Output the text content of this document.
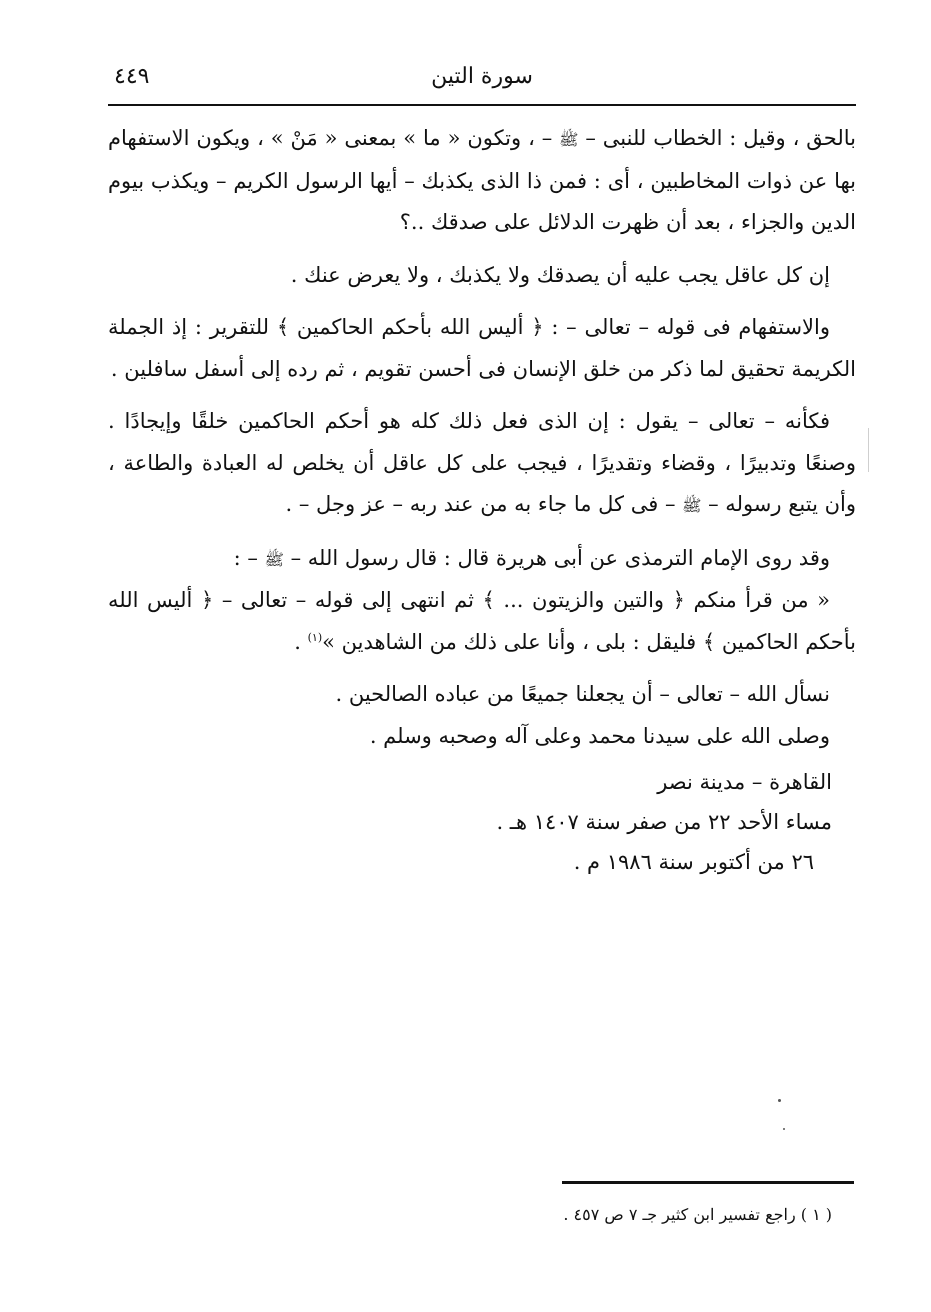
٤٤٩	سورة التين

بالحق ، وقيل : الخطاب للنبى – ﷺ – ، وتكون « ما » بمعنى « مَنْ » ، ويكون الاستفهام بها عن ذوات المخاطبين ، أى : فمن ذا الذى يكذبك – أيها الرسول الكريم – ويكذب بيوم الدين والجزاء ، بعد أن ظهرت الدلائل على صدقك ..؟

إن كل عاقل يجب عليه أن يصدقك ولا يكذبك ، ولا يعرض عنك .

والاستفهام فى قوله – تعالى – : ﴿ أليس الله بأحكم الحاكمين ﴾ للتقرير : إذ الجملة الكريمة تحقيق لما ذكر من خلق الإنسان فى أحسن تقويم ، ثم رده إلى أسفل سافلين .

فكأنه – تعالى – يقول : إن الذى فعل ذلك كله هو أحكم الحاكمين خلقًا وإيجادًا . وصنعًا وتدبيرًا ، وقضاء وتقديرًا ، فيجب على كل عاقل أن يخلص له العبادة والطاعة ، وأن يتبع رسوله – ﷺ – فى كل ما جاء به من عند ربه – عز وجل – .

وقد روى الإمام الترمذى عن أبى هريرة قال : قال رسول الله – ﷺ – :

« من قرأ منكم ﴿ والتين والزيتون ... ﴾ ثم انتهى إلى قوله – تعالى – ﴿ أليس الله بأحكم الحاكمين ﴾ فليقل : بلى ، وأنا على ذلك من الشاهدين »$^{(١)}$ .

نسأل الله – تعالى – أن يجعلنا جميعًا من عباده الصالحين .

وصلى الله على سيدنا محمد وعلى آله وصحبه وسلم .

القاهرة – مدينة نصر
مساء الأحد ٢٢ من صفر سنة ١٤٠٧ هـ .
٢٦ من أكتوبر سنة ١٩٨٦ م .
( ١ ) راجع تفسير ابن كثير جـ ٧ ص ٤٥٧ .
